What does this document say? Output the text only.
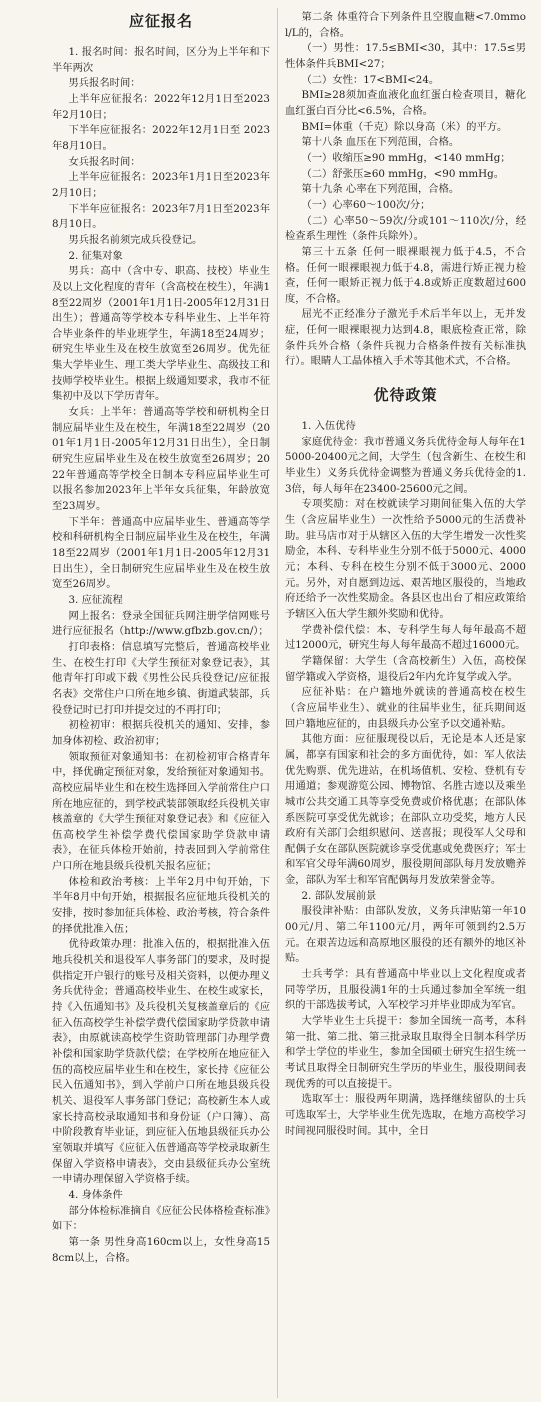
应征报名

1. 报名时间：报名时间，区分为上半年和下半年两次

男兵报名时间：

上半年应征报名：2022年12月1日至2023年2月10日；

下半年应征报名：2022年12月1日至 2023年8月10日。

女兵报名时间：

上半年应征报名：2023年1月1日至2023年2月10日；

下半年应征报名：2023年7月1日至2023年8月10日。

男兵报名前须完成兵役登记。

2. 征集对象

男兵：高中（含中专、职高、技校）毕业生及以上文化程度的青年（含高校在校生），年满18至22周岁（2001年1月1日-2005年12月31日出生）；普通高等学校本专科毕业生、上半年符合毕业条件的毕业班学生，年满18至24周岁；研究生毕业生及在校生放宽至26周岁。优先征集大学毕业生、理工类大学毕业生、高级技工和技师学校毕业生。根据上级通知要求，我市不征集初中及以下学历青年。

女兵：上半年：普通高等学校和研机构全日制应届毕业生及在校生，年满18至22周岁（2001年1月1日-2005年12月31日出生），全日制研究生应届毕业生及在校生放宽至26周岁；2022年普通高等学校全日制本专科应届毕业生可以报名参加2023年上半年女兵征集，年龄放宽至23周岁。

下半年：普通高中应届毕业生、普通高等学校和科研机构全日制应届毕业生及在校生，年满18至22周岁（2001年1月1日-2005年12月31日出生），全日制研究生应届毕业生及在校生放宽至26周岁。

3. 应征流程

网上报名：登录全国征兵网注册学信网账号进行应征报名（http://www.gfbzb.gov.cn/）；

打印表格：信息填写完整后，普通高校毕业生、在校生打印《大学生预征对象登记表》，其他青年打印或下载《男性公民兵役登记/应征报名表》交常住户口所在地乡镇、街道武装部，兵役登记时已打印并提交过的不再打印；

初检初审：根据兵役机关的通知、安排，参加身体初检、政治初审；

领取预征对象通知书：在初检初审合格青年中，择优确定预征对象，发给预征对象通知书。高校应届毕业生和在校生选择回入学前常住户口所在地应征的，到学校武装部领取经兵役机关审核盖章的《大学生预征对象登记表》和《应征入伍高校学生补偿学费代偿国家助学贷款申请表》，在征兵体检开始前，持表回到入学前常住户口所在地县级兵役机关报名应征；

体检和政治考核：上半年2月中旬开始，下半年8月中旬开始，根据报名应征地兵役机关的安排，按时参加征兵体检、政治考核，符合条件的择优批准入伍；

优待政策办理：批准入伍的，根据批准入伍地兵役机关和退役军人事务部门的要求，及时提供指定开户银行的账号及相关资料，以便办理义务兵优待金；普通高校毕业生、在校生或家长，持《入伍通知书》及兵役机关复核盖章后的《应征入伍高校学生补偿学费代偿国家助学贷款申请表》，由原就读高校学生资助管理部门办理学费补偿和国家助学贷款代偿；在学校所在地应征入伍的高校应届毕业生和在校生，家长持《应征公民入伍通知书》，到入学前户口所在地县级兵役机关、退役军人事务部门登记；高校新生本人或家长持高校录取通知书和身份证（户口簿）、高中阶段教育毕业证，到应征入伍地县级征兵办公室领取并填写《应征入伍普通高等学校录取新生保留入学资格申请表》，交由县级征兵办公室统一申请办理保留入学资格手续。

4. 身体条件

部分体检标准摘自《应征公民体格检查标准》如下：

第一条 男性身高160cm以上，女性身高158cm以上，合格。

第二条 体重符合下列条件且空腹血糖<7.0mmol/L的，合格。

（一）男性：17.5≤BMI<30，其中：17.5≤男性体条件兵BMI<27；

（二）女性：17<BMI<24。

BMI≥28须加查血液化血红蛋白检查项目，糖化血红蛋白百分比<6.5%，合格。

BMI=体重（千克）除以身高（米）的平方。

第十八条 血压在下列范围，合格。

（一）收缩压≥90 mmHg，<140 mmHg；

（二）舒张压≥60 mmHg，<90 mmHg。

第十九条 心率在下列范围，合格。

（一）心率60～100次/分；

（二）心率50～59次/分或101～110次/分，经检查系生理性（条件兵除外）。

第三十五条 任何一眼裸眼视力低于4.5，不合格。任何一眼裸眼视力低于4.8，需进行矫正视力检查，任何一眼矫正视力低于4.8或矫正度数超过600度，不合格。

屈光不正经准分子激光手术后半年以上，无并发症，任何一眼裸眼视力达到4.8，眼底检查正常，除条件兵外合格（条件兵视力合格条件按有关标准执行）。眼睛人工晶体植入手术等其他术式，不合格。

优待政策

1. 入伍优待

家庭优待金：我市普通义务兵优待金每人每年在15000-20400元之间，大学生（包含新生、在校生和毕业生）义务兵优待金调整为普通义务兵优待金的1.3倍，每人每年在23400-25600元之间。

专项奖励：对在校就读学习期间征集入伍的大学生（含应届毕业生）一次性给予5000元的生活费补助。驻马店市对于从辖区入伍的大学生增发一次性奖励金，本科、专科毕业生分别不低于5000元、4000元；本科、专科在校生分别不低于3000元、2000元。另外，对自愿到边远、艰苦地区服役的，当地政府还给予一次性奖励金。各县区也出台了相应政策给予辖区入伍大学生额外奖励和优待。

学费补偿代偿：本、专科学生每人每年最高不超过12000元，研究生每人每年最高不超过16000元。

学籍保留：大学生（含高校新生）入伍，高校保留学籍或入学资格，退役后2年内允许复学或入学。

应征补贴：在户籍地外就读的普通高校在校生（含应届毕业生）、就业的往届毕业生，征兵期间返回户籍地应征的，由县级兵办公室予以交通补贴。

其他方面：应征服现役以后，无论是本人还是家属，都享有国家和社会的多方面优待，如：军人依法优先购票、优先进站，在机场值机、安检、登机有专用通道；参观游览公园、博物馆、名胜古迹以及乘坐城市公共交通工具等享受免费或价格优惠；在部队体系医院可享受优先就诊；在部队立功受奖，地方人民政府有关部门会组织慰问、送喜报；现役军人父母和配偶子女在部队医院就诊享受优惠或免费医疗；军士和军官父母年满60周岁，服役期间部队每月发放赡养金，部队为军士和军官配偶每月发放荣誉金等。

2. 部队发展前景

服役津补贴：由部队发放，义务兵津贴第一年1000元/月、第二年1100元/月，两年可领到约2.5万元。在艰苦边远和高原地区服役的还有额外的地区补贴。

士兵考学：具有普通高中毕业以上文化程度或者同等学历，且服役满1年的士兵通过参加全军统一组织的干部选拔考试，入军校学习并毕业即成为军官。

大学毕业生士兵提干：参加全国统一高考，本科第一批、第二批、第三批录取且取得全日制本科学历和学士学位的毕业生，参加全国硕士研究生招生统一考试且取得全日制研究生学历的毕业生，服役期间表现优秀的可以直接提干。

选取军士：服役两年期满，选择继续留队的士兵可选取军士，大学毕业生优先选取，在地方高校学习时间视同服役时间。其中，全日
